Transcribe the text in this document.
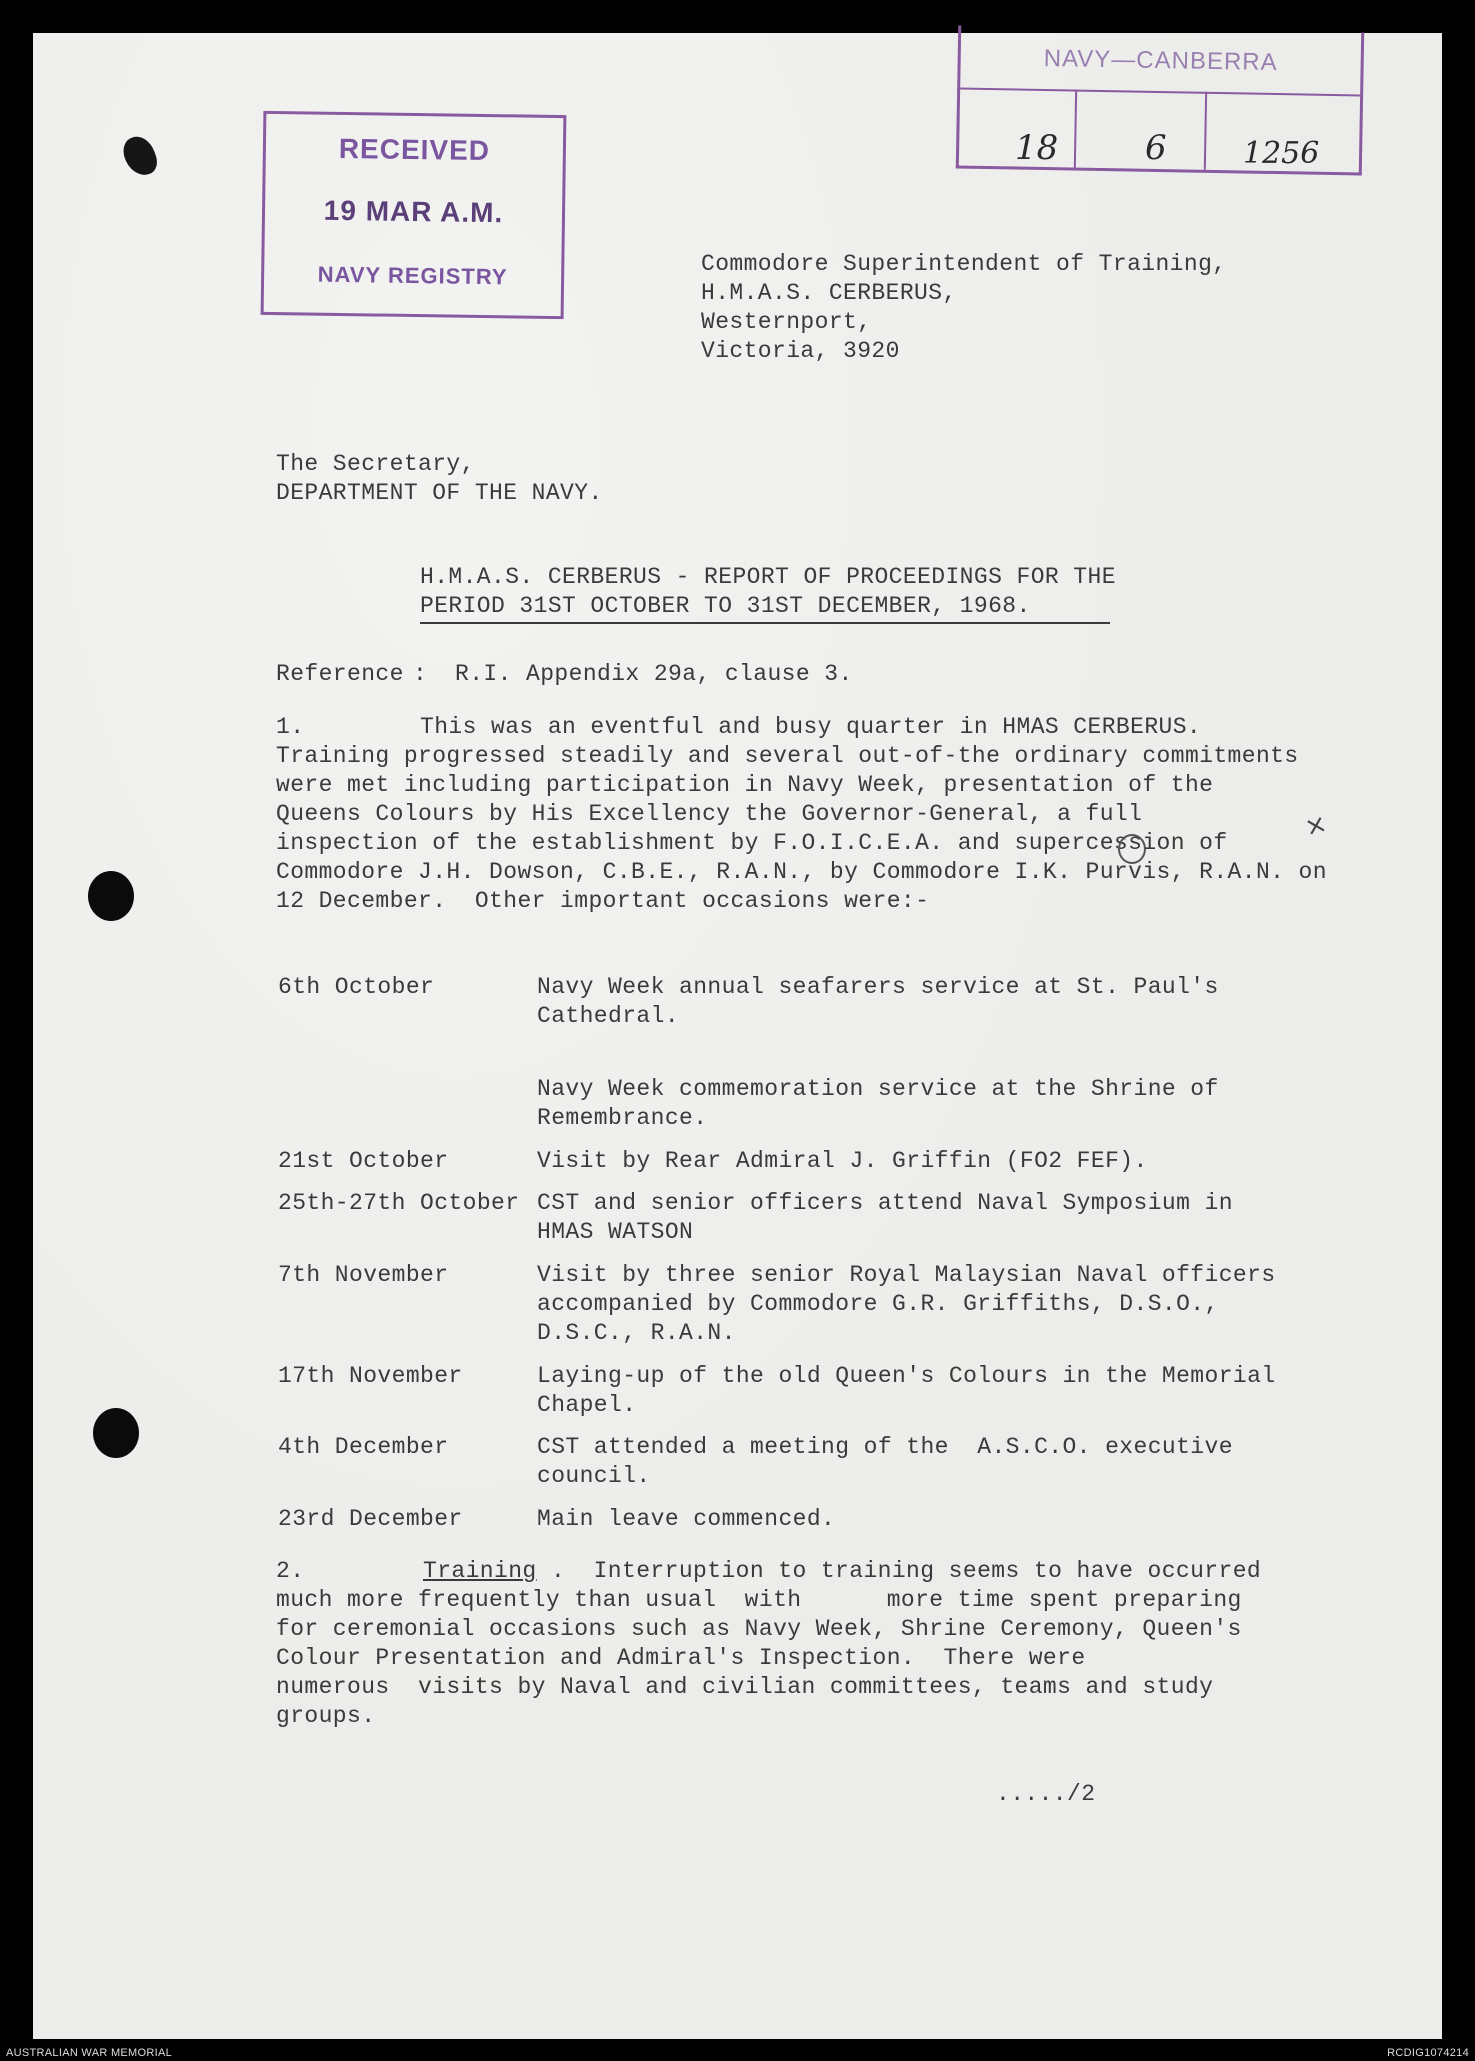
RECEIVED
19 MAR A.M.
NAVY REGISTRY
NAVY—CANBERRA
18	6	1256
Commodore Superintendent of Training,
H.M.A.S. CERBERUS,
Westernport,
Victoria, 3920
The Secretary,
DEPARTMENT OF THE NAVY.
H.M.A.S. CERBERUS - REPORT OF PROCEEDINGS FOR THE
PERIOD 31ST OCTOBER TO 31ST DECEMBER, 1968.
Reference : R.I. Appendix 29a, clause 3.
1.	This was an eventful and busy quarter in HMAS CERBERUS.
Training progressed steadily and several out-of-the ordinary commitments
were met including participation in Navy Week, presentation of the
Queens Colours by His Excellency the Governor-General, a full
inspection of the establishment by F.O.I.C.E.A. and supercession of
Commodore J.H. Dowson, C.B.E., R.A.N., by Commodore I.K. Purvis, R.A.N. on
12 December.  Other important occasions were:-
×
6th October	Navy Week annual seafarers service at St. Paul's
Cathedral.
Navy Week commemoration service at the Shrine of
Remembrance.
21st October	Visit by Rear Admiral J. Griffin (FO2 FEF).
25th-27th October CST and senior officers attend Naval Symposium in
HMAS WATSON
7th November	Visit by three senior Royal Malaysian Naval officers
accompanied by Commodore G.R. Griffiths, D.S.O.,
D.S.C., R.A.N.
17th November	Laying-up of the old Queen's Colours in the Memorial
Chapel.
4th December	CST attended a meeting of the  A.S.C.O. executive
council.
23rd December	Main leave commenced.
2.	Training .  Interruption to training seems to have occurred
much more frequently than usual  with      more time spent preparing
for ceremonial occasions such as Navy Week, Shrine Ceremony, Queen's
Colour Presentation and Admiral's Inspection.  There were
numerous  visits by Naval and civilian committees, teams and study
groups.
...../2
AUSTRALIAN WAR MEMORIAL	RCDIG1074214
